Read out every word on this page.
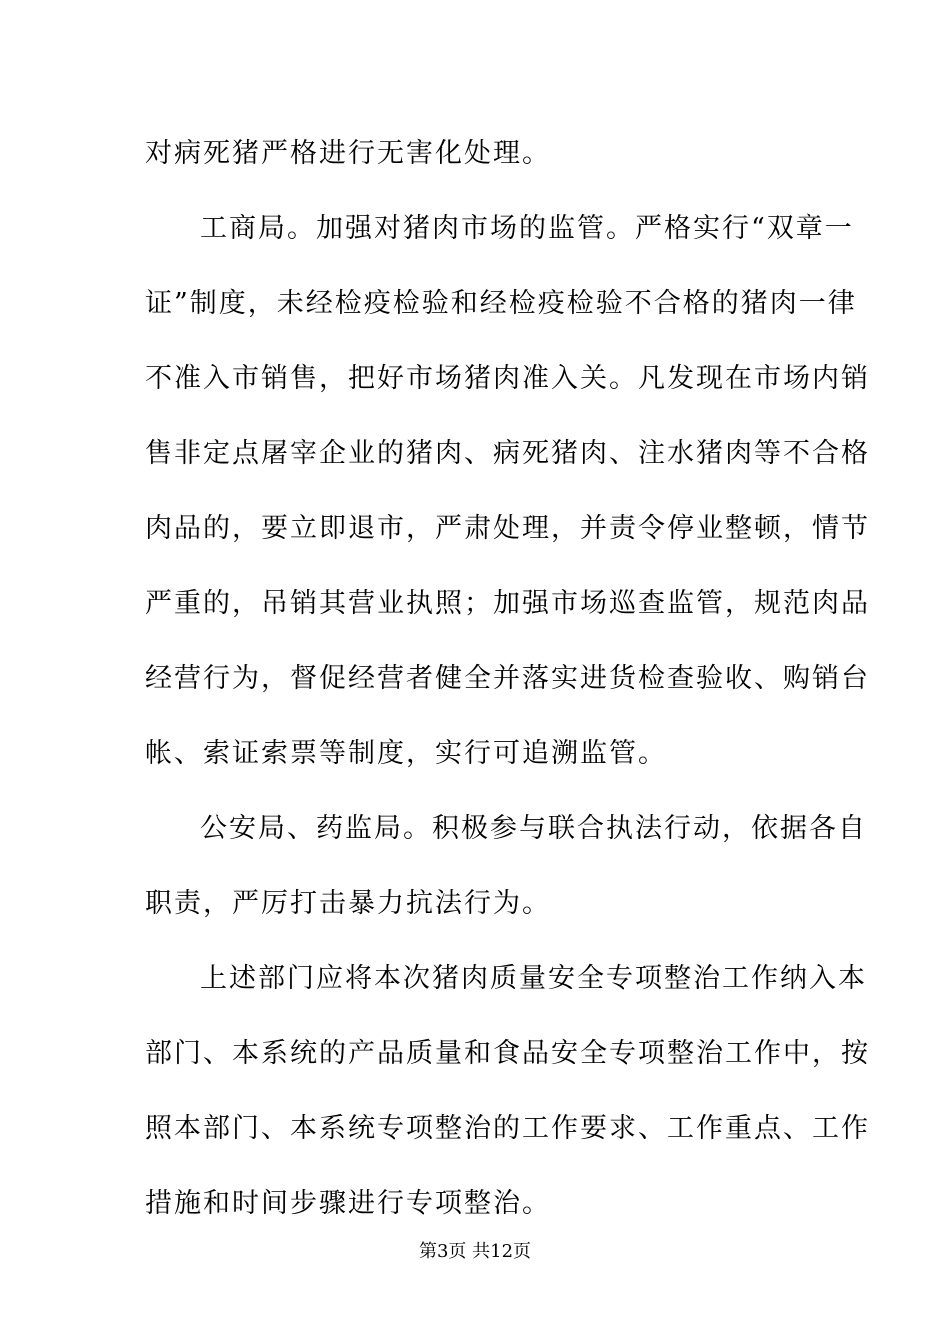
对病死猪严格进行无害化处理。
工商局。加强对猪肉市场的监管。严格实行“双章一
证”制度，未经检疫检验和经检疫检验不合格的猪肉一律
不准入市销售，把好市场猪肉准入关。凡发现在市场内销
售非定点屠宰企业的猪肉、病死猪肉、注水猪肉等不合格
肉品的，要立即退市，严肃处理，并责令停业整顿，情节
严重的，吊销其营业执照；加强市场巡查监管，规范肉品
经营行为，督促经营者健全并落实进货检查验收、购销台
帐、索证索票等制度，实行可追溯监管。
公安局、药监局。积极参与联合执法行动，依据各自
职责，严厉打击暴力抗法行为。
上述部门应将本次猪肉质量安全专项整治工作纳入本
部门、本系统的产品质量和食品安全专项整治工作中，按
照本部门、本系统专项整治的工作要求、工作重点、工作
措施和时间步骤进行专项整治。
第3页 共12页
